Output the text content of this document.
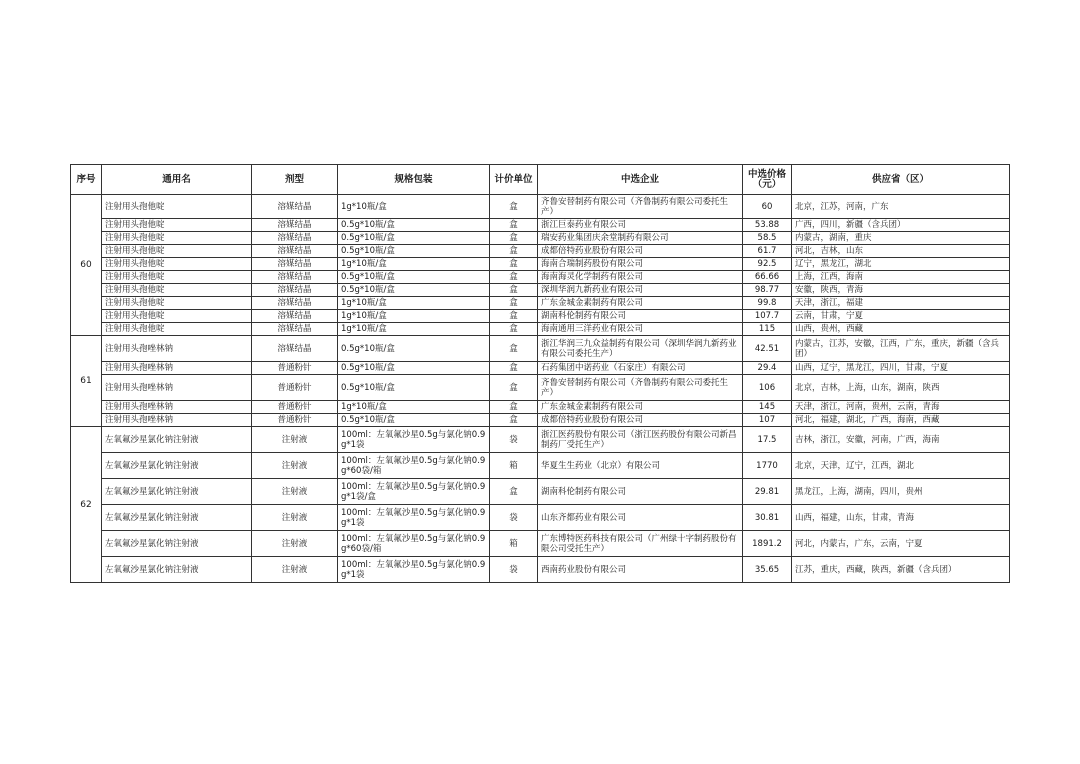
序号	通用名	剂型	规格包装	计价单位	中选企业	中选价格（元）	供应省（区）
60	注射用头孢他啶	溶媒结晶	1g*10瓶/盒	盒	齐鲁安替制药有限公司（齐鲁制药有限公司委托生产）	60	北京，江苏，河南，广东
	注射用头孢他啶	溶媒结晶	0.5g*10瓶/盒	盒	浙江巨泰药业有限公司	53.88	广西，四川，新疆（含兵团）
	注射用头孢他啶	溶媒结晶	0.5g*10瓶/盒	盒	瑞安药业集团庆余堂制药有限公司	58.5	内蒙古，湖南，重庆
	注射用头孢他啶	溶媒结晶	0.5g*10瓶/盒	盒	成都倍特药业股份有限公司	61.7	河北，吉林，山东
	注射用头孢他啶	溶媒结晶	1g*10瓶/盒	盒	海南合瑞制药股份有限公司	92.5	辽宁，黑龙江，湖北
	注射用头孢他啶	溶媒结晶	0.5g*10瓶/盒	盒	海南海灵化学制药有限公司	66.66	上海，江西，海南
	注射用头孢他啶	溶媒结晶	0.5g*10瓶/盒	盒	深圳华润九新药业有限公司	98.77	安徽，陕西，青海
	注射用头孢他啶	溶媒结晶	1g*10瓶/盒	盒	广东金城金素制药有限公司	99.8	天津，浙江，福建
	注射用头孢他啶	溶媒结晶	1g*10瓶/盒	盒	湖南科伦制药有限公司	107.7	云南，甘肃，宁夏
	注射用头孢他啶	溶媒结晶	1g*10瓶/盒	盒	海南通用三洋药业有限公司	115	山西，贵州，西藏
61	注射用头孢唑林钠	溶媒结晶	0.5g*10瓶/盒	盒	浙江华润三九众益制药有限公司（深圳华润九新药业有限公司委托生产）	42.51	内蒙古，江苏，安徽，江西，广东，重庆，新疆（含兵团）
	注射用头孢唑林钠	普通粉针	0.5g*10瓶/盒	盒	石药集团中诺药业（石家庄）有限公司	29.4	山西，辽宁，黑龙江，四川，甘肃，宁夏
	注射用头孢唑林钠	普通粉针	0.5g*10瓶/盒	盒	齐鲁安替制药有限公司（齐鲁制药有限公司委托生产）	106	北京，吉林，上海，山东，湖南，陕西
	注射用头孢唑林钠	普通粉针	1g*10瓶/盒	盒	广东金城金素制药有限公司	145	天津，浙江，河南，贵州，云南，青海
	注射用头孢唑林钠	普通粉针	0.5g*10瓶/盒	盒	成都倍特药业股份有限公司	107	河北，福建，湖北，广西，海南，西藏
62	左氧氟沙星氯化钠注射液	注射液	100ml：左氧氟沙星0.5g与氯化钠0.9g*1袋	袋	浙江医药股份有限公司（浙江医药股份有限公司新昌制药厂受托生产）	17.5	吉林，浙江，安徽，河南，广西，海南
	左氧氟沙星氯化钠注射液	注射液	100ml：左氧氟沙星0.5g与氯化钠0.9g*60袋/箱	箱	华夏生生药业（北京）有限公司	1770	北京，天津，辽宁，江西，湖北
	左氧氟沙星氯化钠注射液	注射液	100ml：左氧氟沙星0.5g与氯化钠0.9g*1袋/盒	盒	湖南科伦制药有限公司	29.81	黑龙江，上海，湖南，四川，贵州
	左氧氟沙星氯化钠注射液	注射液	100ml：左氧氟沙星0.5g与氯化钠0.9g*1袋	袋	山东齐都药业有限公司	30.81	山西，福建，山东，甘肃，青海
	左氧氟沙星氯化钠注射液	注射液	100ml：左氧氟沙星0.5g与氯化钠0.9g*60袋/箱	箱	广东博特医药科技有限公司（广州绿十字制药股份有限公司受托生产）	1891.2	河北，内蒙古，广东，云南，宁夏
	左氧氟沙星氯化钠注射液	注射液	100ml：左氧氟沙星0.5g与氯化钠0.9g*1袋	袋	西南药业股份有限公司	35.65	江苏，重庆，西藏，陕西，新疆（含兵团）
